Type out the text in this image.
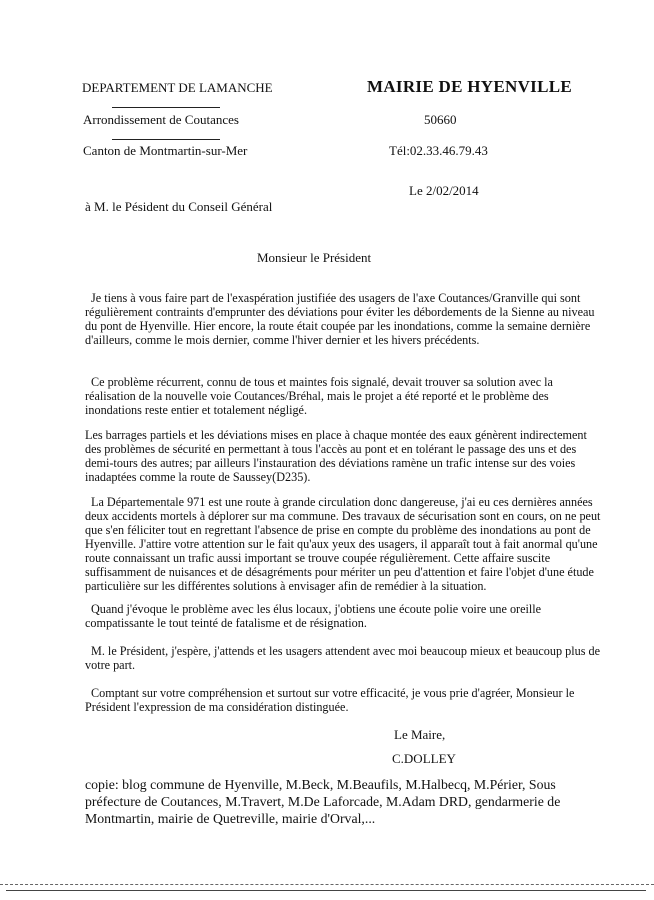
DEPARTEMENT DE LAMANCHE
Arrondissement de Coutances
Canton de Montmartin-sur-Mer
MAIRIE DE HYENVILLE
50660
Tél:02.33.46.79.43
Le 2/02/2014
à M. le Pésident du Conseil Général
Monsieur le Président
Je tiens à vous faire part de l'exaspération justifiée des usagers de l'axe Coutances/Granville qui sont régulièrement contraints d'emprunter des déviations pour éviter les débordements de la Sienne au niveau du pont de Hyenville. Hier encore, la route était coupée par les inondations, comme la semaine dernière d'ailleurs, comme le mois dernier, comme l'hiver dernier et les hivers précédents.
Ce problème récurrent, connu de tous et maintes fois signalé, devait trouver sa solution avec la réalisation de la nouvelle voie Coutances/Bréhal, mais le projet a été reporté et le problème des inondations reste entier et totalement négligé.
Les barrages partiels et les déviations mises en place à chaque montée des eaux génèrent indirectement des problèmes de sécurité en permettant à tous l'accès au pont et en tolérant le passage des uns et des demi-tours des autres; par ailleurs l'instauration des déviations ramène un trafic intense sur des voies inadaptées comme la route de Saussey(D235).
La Départementale 971 est une route à grande circulation donc dangereuse, j'ai eu ces dernières années deux accidents mortels à déplorer sur ma commune. Des travaux de sécurisation sont en cours, on ne peut que s'en féliciter tout en regrettant l'absence de prise en compte du problème des inondations au pont de Hyenville. J'attire votre attention sur le fait qu'aux yeux des usagers, il apparaît tout à fait anormal qu'une route connaissant un trafic aussi important se trouve coupée régulièrement. Cette affaire suscite suffisamment de nuisances et de désagréments pour mériter un peu d'attention et faire l'objet d'une étude particulière sur les différentes solutions à envisager afin de remédier à la situation.
Quand j'évoque le problème avec les élus locaux, j'obtiens une écoute polie voire une oreille compatissante le tout teinté de fatalisme et de résignation.
M. le Président, j'espère, j'attends et les usagers attendent avec moi beaucoup mieux et beaucoup plus de votre part.
Comptant sur votre compréhension et surtout sur votre efficacité, je vous prie d'agréer, Monsieur le Président l'expression de ma considération distinguée.
Le Maire,
C.DOLLEY
copie: blog commune de Hyenville, M.Beck, M.Beaufils, M.Halbecq, M.Périer, Sous préfecture de Coutances, M.Travert, M.De Laforcade, M.Adam DRD, gendarmerie de Montmartin, mairie de Quetreville, mairie d'Orval,...
